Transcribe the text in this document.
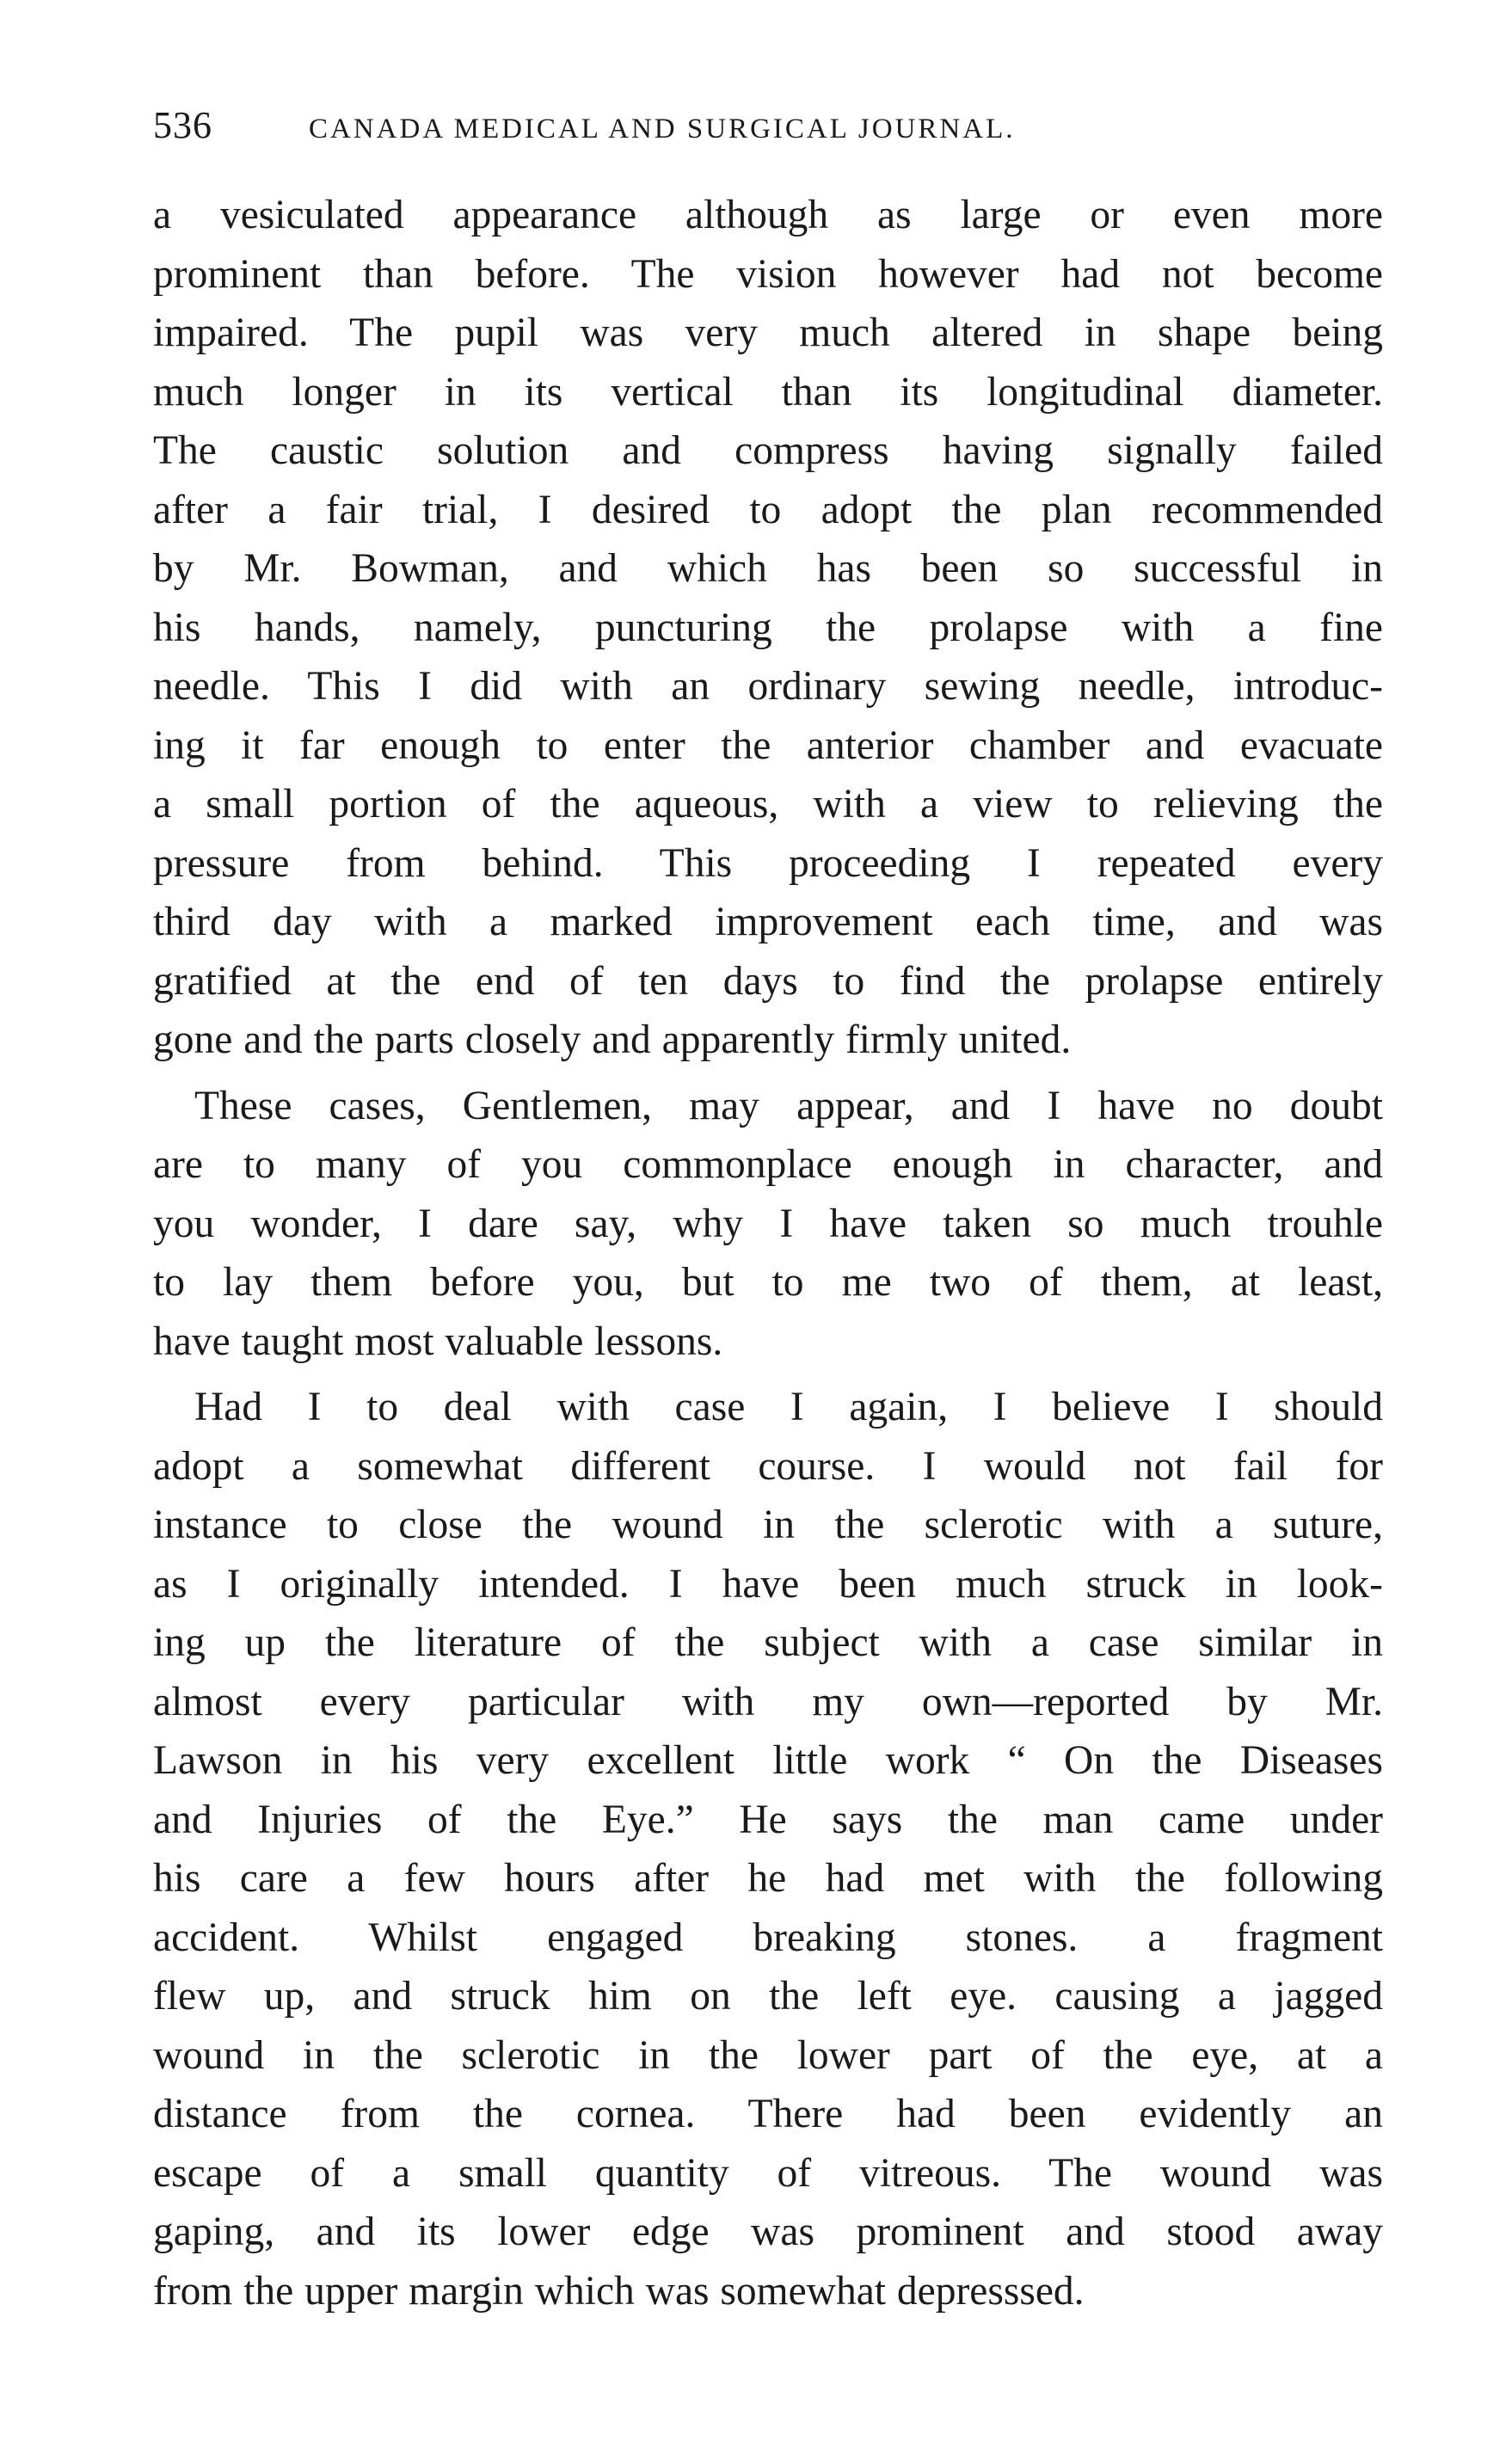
536	CANADA MEDICAL AND SURGICAL JOURNAL.
a vesiculated appearance although as large or even more
prominent than before. The vision however had not become
impaired. The pupil was very much altered in shape being
much longer in its vertical than its longitudinal diameter.
The caustic solution and compress having signally failed
after a fair trial, I desired to adopt the plan recommended
by Mr. Bowman, and which has been so successful in
his hands, namely, puncturing the prolapse with a fine
needle. This I did with an ordinary sewing needle, introduc-
ing it far enough to enter the anterior chamber and evacuate
a small portion of the aqueous, with a view to relieving the
pressure from behind. This proceeding I repeated every
third day with a marked improvement each time, and was
gratified at the end of ten days to find the prolapse entirely
gone and the parts closely and apparently firmly united.
These cases, Gentlemen, may appear, and I have no doubt
are to many of you commonplace enough in character, and
you wonder, I dare say, why I have taken so much trouhle
to lay them before you, but to me two of them, at least,
have taught most valuable lessons.
Had I to deal with case I again, I believe I should
adopt a somewhat different course. I would not fail for
instance to close the wound in the sclerotic with a suture,
as I originally intended. I have been much struck in look-
ing up the literature of the subject with a case similar in
almost every particular with my own—reported by Mr.
Lawson in his very excellent little work “ On the Diseases
and Injuries of the Eye.” He says the man came under
his care a few hours after he had met with the following
accident. Whilst engaged breaking stones. a fragment
flew up, and struck him on the left eye. causing a jagged
wound in the sclerotic in the lower part of the eye, at a
distance from the cornea. There had been evidently an
escape of a small quantity of vitreous. The wound was
gaping, and its lower edge was prominent and stood away
from the upper margin which was somewhat depresssed.
